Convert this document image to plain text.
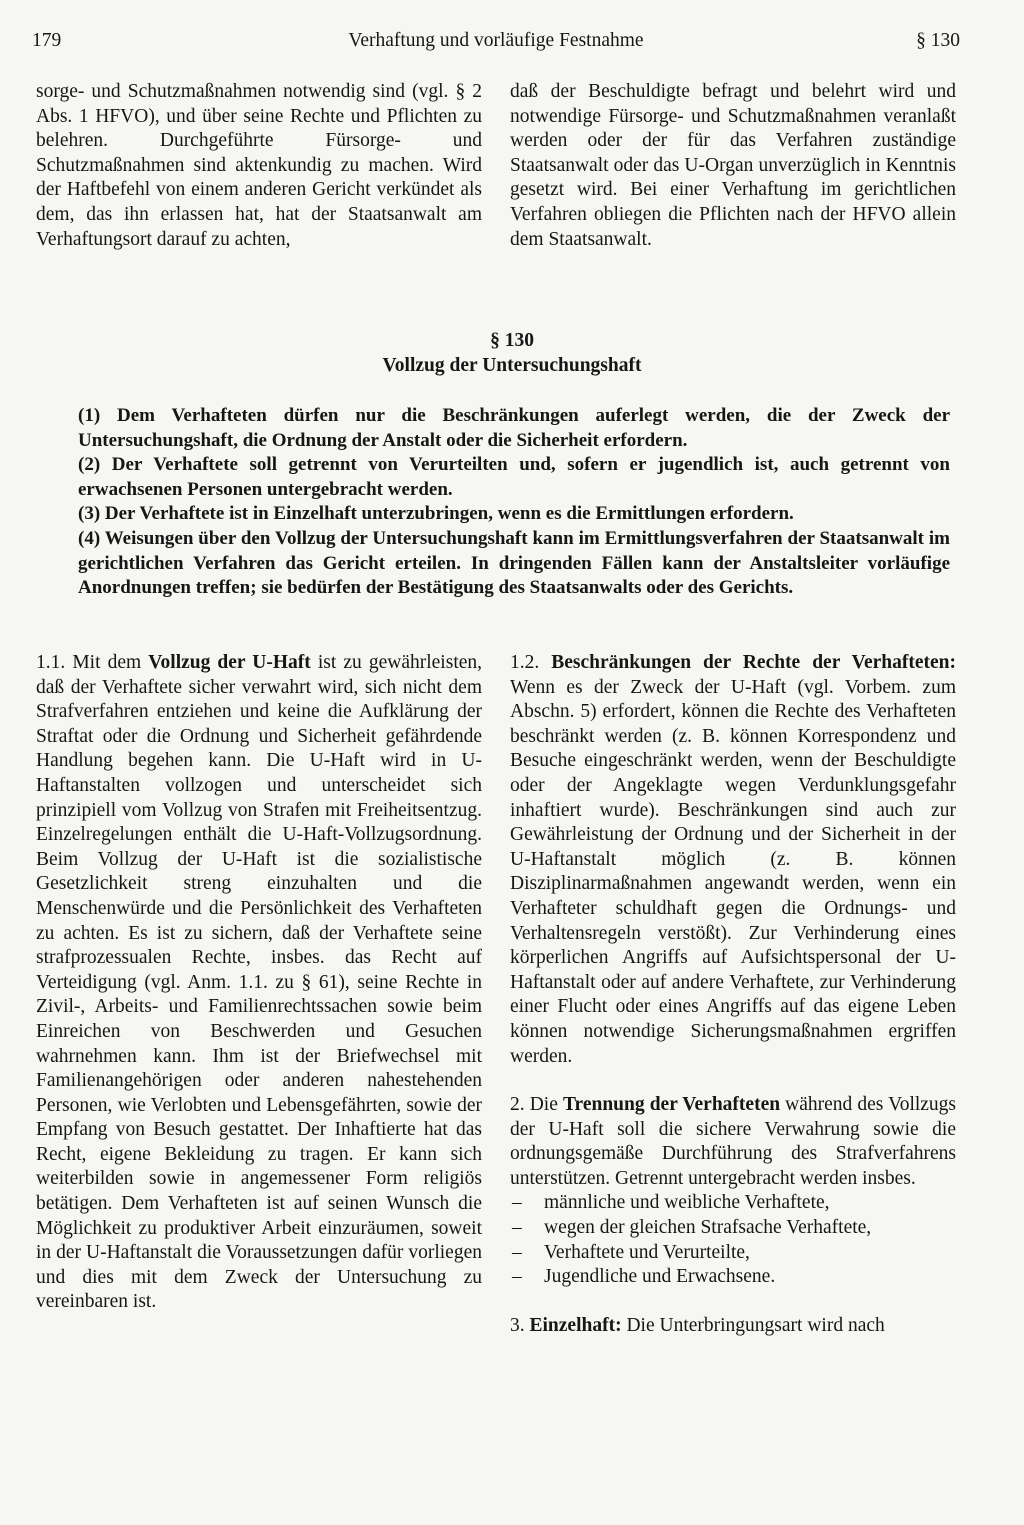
179	Verhaftung und vorläufige Festnahme	§ 130

sorge- und Schutzmaßnahmen notwendig sind (vgl. § 2 Abs. 1 HFVO), und über seine Rechte und Pflichten zu belehren. Durchgeführte Fürsorge- und Schutzmaßnahmen sind aktenkundig zu machen. Wird der Haftbefehl von einem anderen Gericht verkündet als dem, das ihn erlassen hat, hat der Staatsanwalt am Verhaftungsort darauf zu achten,

daß der Beschuldigte befragt und belehrt wird und notwendige Fürsorge- und Schutzmaßnahmen veranlaßt werden oder der für das Verfahren zuständige Staatsanwalt oder das U-Organ unverzüglich in Kenntnis gesetzt wird. Bei einer Verhaftung im gerichtlichen Verfahren obliegen die Pflichten nach der HFVO allein dem Staatsanwalt.

§ 130
Vollzug der Untersuchungshaft

(1) Dem Verhafteten dürfen nur die Beschränkungen auferlegt werden, die der Zweck der Untersuchungshaft, die Ordnung der Anstalt oder die Sicherheit erfordern.

(2) Der Verhaftete soll getrennt von Verurteilten und, sofern er jugendlich ist, auch getrennt von erwachsenen Personen untergebracht werden.

(3) Der Verhaftete ist in Einzelhaft unterzubringen, wenn es die Ermittlungen erfordern.

(4) Weisungen über den Vollzug der Untersuchungshaft kann im Ermittlungsverfahren der Staatsanwalt im gerichtlichen Verfahren das Gericht erteilen. In dringenden Fällen kann der Anstaltsleiter vorläufige Anordnungen treffen; sie bedürfen der Bestätigung des Staatsanwalts oder des Gerichts.

1.1. Mit dem Vollzug der U-Haft ist zu gewährleisten, daß der Verhaftete sicher verwahrt wird, sich nicht dem Strafverfahren entziehen und keine die Aufklärung der Straftat oder die Ordnung und Sicherheit gefährdende Handlung begehen kann. Die U-Haft wird in U-Haftanstalten vollzogen und unterscheidet sich prinzipiell vom Vollzug von Strafen mit Freiheitsentzug. Einzelregelungen enthält die U-Haft-Vollzugsordnung. Beim Vollzug der U-Haft ist die sozialistische Gesetzlichkeit streng einzuhalten und die Menschenwürde und die Persönlichkeit des Verhafteten zu achten. Es ist zu sichern, daß der Verhaftete seine strafprozessualen Rechte, insbes. das Recht auf Verteidigung (vgl. Anm. 1.1. zu § 61), seine Rechte in Zivil-, Arbeits- und Familienrechtssachen sowie beim Einreichen von Beschwerden und Gesuchen wahrnehmen kann. Ihm ist der Briefwechsel mit Familienangehörigen oder anderen nahestehenden Personen, wie Verlobten und Lebensgefährten, sowie der Empfang von Besuch gestattet. Der Inhaftierte hat das Recht, eigene Bekleidung zu tragen. Er kann sich weiterbilden sowie in angemessener Form religiös betätigen. Dem Verhafteten ist auf seinen Wunsch die Möglichkeit zu produktiver Arbeit einzuräumen, soweit in der U-Haftanstalt die Voraussetzungen dafür vorliegen und dies mit dem Zweck der Untersuchung zu vereinbaren ist.

1.2. Beschränkungen der Rechte der Verhafteten: Wenn es der Zweck der U-Haft (vgl. Vorbem. zum Abschn. 5) erfordert, können die Rechte des Verhafteten beschränkt werden (z. B. können Korrespondenz und Besuche eingeschränkt werden, wenn der Beschuldigte oder der Angeklagte wegen Verdunklungsgefahr inhaftiert wurde). Beschränkungen sind auch zur Gewährleistung der Ordnung und der Sicherheit in der U-Haftanstalt möglich (z. B. können Disziplinarmaßnahmen angewandt werden, wenn ein Verhafteter schuldhaft gegen die Ordnungs- und Verhaltensregeln verstößt). Zur Verhinderung eines körperlichen Angriffs auf Aufsichtspersonal der U-Haftanstalt oder auf andere Verhaftete, zur Verhinderung einer Flucht oder eines Angriffs auf das eigene Leben können notwendige Sicherungsmaßnahmen ergriffen werden.

2. Die Trennung der Verhafteten während des Vollzugs der U-Haft soll die sichere Verwahrung sowie die ordnungsgemäße Durchführung des Strafverfahrens unterstützen. Getrennt untergebracht werden insbes.

– männliche und weibliche Verhaftete,
– wegen der gleichen Strafsache Verhaftete,
– Verhaftete und Verurteilte,
– Jugendliche und Erwachsene.

3. Einzelhaft: Die Unterbringungsart wird nach
